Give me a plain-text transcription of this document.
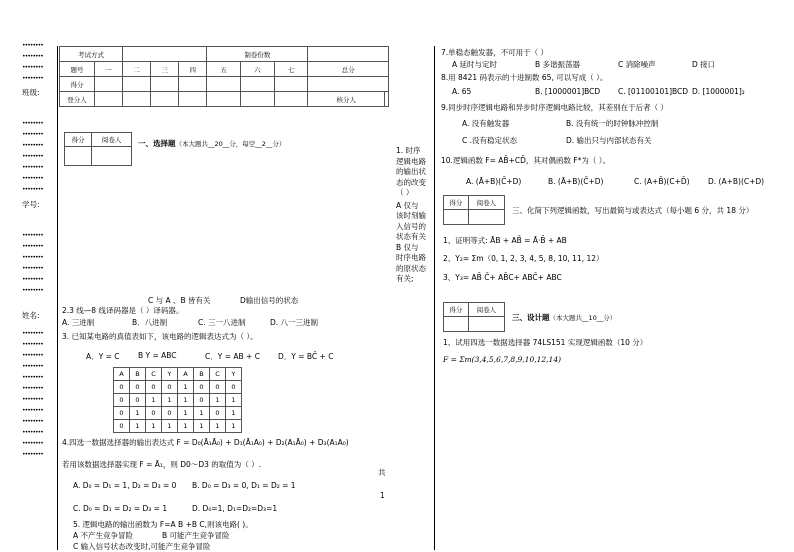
••••••••
••••••••
••••••••
••••••••
班级:
••••••••
••••••••
••••••••
••••••••
••••••••
••••••••
••••••••
学号:
••••••••
••••••••
••••••••
••••••••
••••••••
••••••••
姓名:
••••••••
••••••••
••••••••
••••••••
••••••••
••••••••
••••••••
••••••••
••••••••
••••••••
••••••••
••••••••
考试方式					制卷份数				
题号	一	二	三	四	五	六	七	总分	
得分									
登分人								核分人	
得分	阅卷人
	一、选择题（本大题共__20__分，每空__2__分）
1. 时序
逻辑电路
的输出状
态的改变
（ ）
A 仅与
该时刻输
入信号的
状态有关
B 仅与
时序电路
的原状态
有关;
C 与 A 、B 皆有关	D输出信号的状态
2.3 线—8 线译码器是（ ）译码器。
A. 三进制	B．八进制	C. 三一八进制	D. 八一三进制
3. 已知某电路的真值表如下，该电路的逻辑表达式为（ ）。
A．Y = C B Y = ABC	C．Y = AB + C D．Y = BC̄ + C
A	B	C	Y	A	B	C	Y
0	0	0	0	1	0	0	0
0	0	1	1	1	0	1	1
0	1	0	0	1	1	0	1
0	1	1	1	1	1	1	1
4.四选一数据选择器的输出表达式 F = D₀(Ā₁Ā₀) + D₁(Ā₁A₀) + D₂(A₁Ā₀) + D₃(A₁A₀)
若用该数据选择器实现 F = Ā₁，则 D0～D3 的取值为（ ）.
A. D₀ = D₁ = 1, D₂ = D₃ = 0 B. D₀ = D₃ = 0, D₁ = D₂ = 1
C. D₀ = D₁ = D₂ = D₃ = 1	D. D₀=1, D₁=D₂=D₃=1
5. 逻辑电路的输出函数为 F=A B +B C,则该电路( )。
A 不产生竞争冒险	B 可能产生竞争冒险
C 输入信号状态改变时,可能产生竞争冒险
共
1
7.单稳态触发器，不可用于（ ）
A 延时与定时	B 多谐振荡器	C 消除噪声	D 接口
8.用 8421 码表示的十进制数 65, 可以写成（ ）。
A. 65	B. [1000001]BCD C. [01100101]BCD D. [1000001]₂
9.同步时序逻辑电路和异步时序逻辑电路比较，其差别在于后者（ ）
A. 没有触发器	B. 没有统一的时钟脉冲控制
C .没有稳定状态	D. 输出只与内部状态有关
10.逻辑函数 F= AB̄+CD̄，其对偶函数 F*为（ ）。
A. (Ā+B)(C̄+D)	B. (Ā+B)(C̄+D)	C. (A+B̄)(C+D̄) D. (A+B)(C+D)
得分	阅卷人

三、化简下列逻辑函数，写出最简与或表达式（每小题 6 分，共 18 分）
1、证明等式: ĀB + AB̄ = Ā·B̄ + AB
2、Y₂= Σm（0, 1, 2, 3, 4, 5, 8, 10, 11, 12）
3、Y₃= AB̄ C̄+ AB̄C+ ABC̄+ ABC
得分	阅卷人

三、设计题（本大题共__10__分）
1、试用四选一数据选择器 74LS151 实现逻辑函数（10 分）
F = Σm(3,4,5,6,7,8,9,10,12,14)
